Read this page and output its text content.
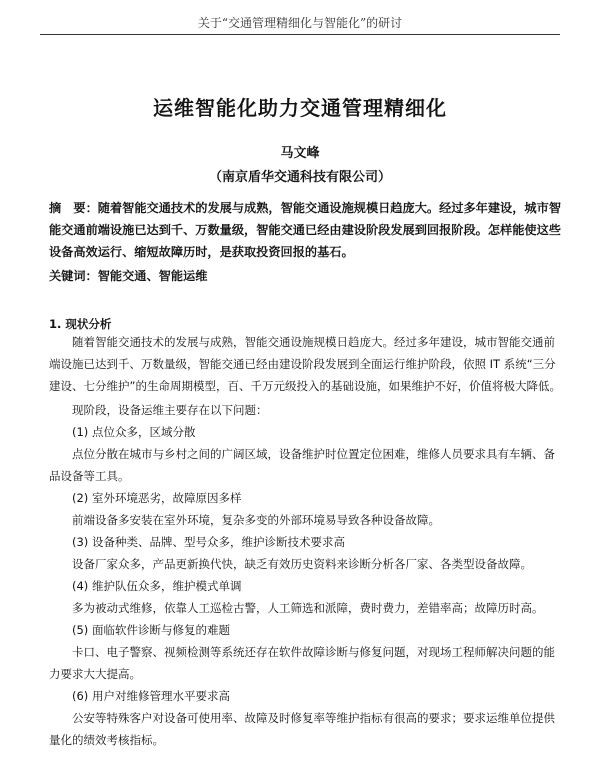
关于“交通管理精细化与智能化”的研讨
运维智能化助力交通管理精细化
马文峰
（南京盾华交通科技有限公司）
摘　要：随着智能交通技术的发展与成熟，智能交通设施规模日趋庞大。经过多年建设，城市智能交通前端设施已达到千、万数量级，智能交通已经由建设阶段发展到回报阶段。怎样能使这些设备高效运行、缩短故障历时，是获取投资回报的基石。
关键词：智能交通、智能运维

1. 现状分析

随着智能交通技术的发展与成熟，智能交通设施规模日趋庞大。经过多年建设，城市智能交通前端设施已达到千、万数量级，智能交通已经由建设阶段发展到全面运行维护阶段，依照 IT 系统“三分建设、七分维护”的生命周期模型，百、千万元级投入的基础设施，如果维护不好，价值将极大降低。

现阶段，设备运维主要存在以下问题：

(1) 点位众多，区域分散

点位分散在城市与乡村之间的广阔区域，设备维护时位置定位困难，维修人员要求具有车辆、备品设备等工具。

(2) 室外环境恶劣，故障原因多样

前端设备多安装在室外环境，复杂多变的外部环境易导致各种设备故障。

(3) 设备种类、品牌、型号众多，维护诊断技术要求高

设备厂家众多，产品更新换代快，缺乏有效历史资料来诊断分析各厂家、各类型设备故障。

(4) 维护队伍众多，维护模式单调

多为被动式维修，依靠人工巡检古警，人工筛选和派障，费时费力，差错率高；故障历时高。

(5) 面临软件诊断与修复的难题

卡口、电子警察、视频检测等系统还存在软件故障诊断与修复问题，对现场工程师解决问题的能力要求大大提高。

(6) 用户对维修管理水平要求高

公安等特殊客户对设备可使用率、故障及时修复率等维护指标有很高的要求；要求运维单位提供量化的绩效考核指标。
